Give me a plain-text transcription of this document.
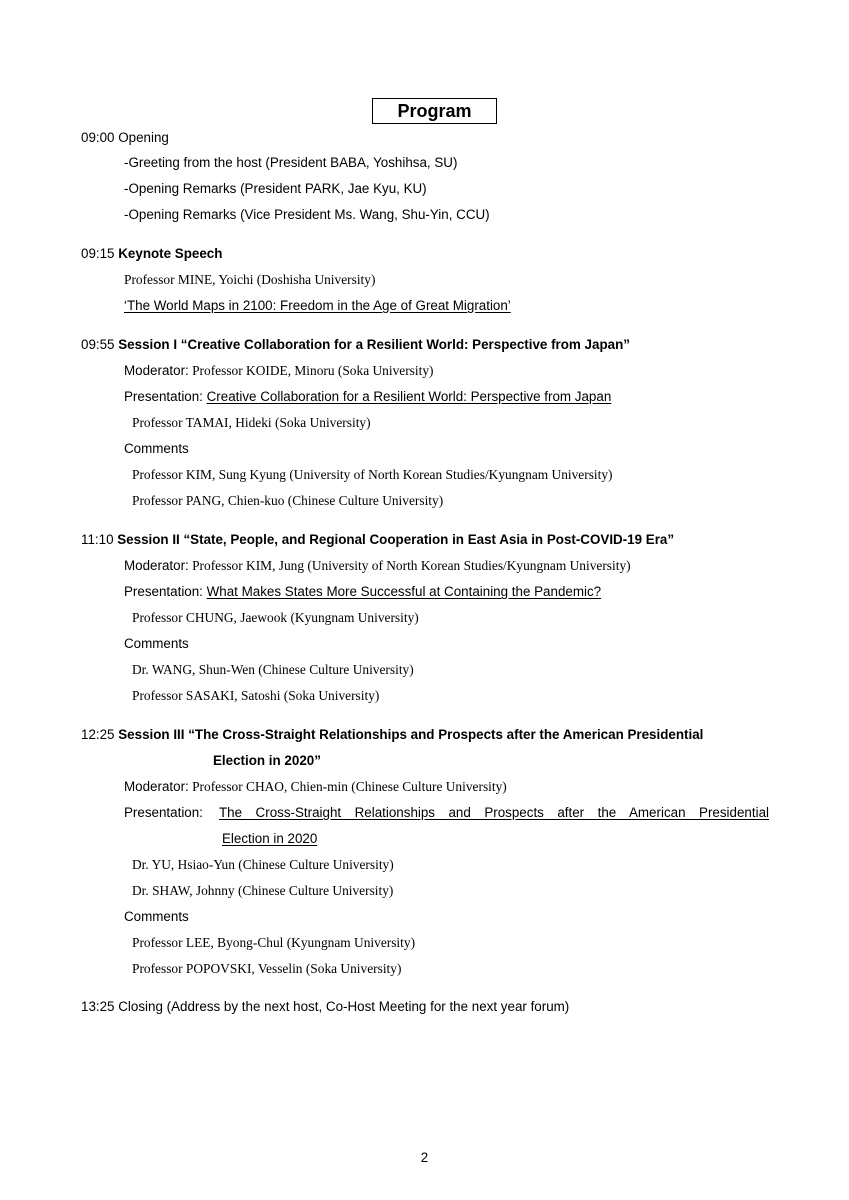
Program
09:00 Opening
-Greeting from the host (President BABA, Yoshihsa, SU)
-Opening Remarks (President PARK, Jae Kyu, KU)
-Opening Remarks (Vice President Ms. Wang, Shu-Yin, CCU)
09:15 Keynote Speech
Professor MINE, Yoichi (Doshisha University)
‘The World Maps in 2100: Freedom in the Age of Great Migration’
09:55 Session I “Creative Collaboration for a Resilient World: Perspective from Japan”
Moderator: Professor KOIDE, Minoru (Soka University)
Presentation: Creative Collaboration for a Resilient World: Perspective from Japan
Professor TAMAI, Hideki (Soka University)
Comments
Professor KIM, Sung Kyung (University of North Korean Studies/Kyungnam University)
Professor PANG, Chien-kuo (Chinese Culture University)
11:10 Session II “State, People, and Regional Cooperation in East Asia in Post-COVID-19 Era”
Moderator: Professor KIM, Jung (University of North Korean Studies/Kyungnam University)
Presentation: What Makes States More Successful at Containing the Pandemic?
Professor CHUNG, Jaewook (Kyungnam University)
Comments
Dr. WANG, Shun-Wen (Chinese Culture University)
Professor SASAKI, Satoshi (Soka University)
12:25 Session III “The Cross-Straight Relationships and Prospects after the American Presidential
Election in 2020”
Moderator: Professor CHAO, Chien-min (Chinese Culture University)
Presentation: The Cross-Straight Relationships and Prospects after the American Presidential
Election in 2020
Dr. YU, Hsiao-Yun (Chinese Culture University)
Dr. SHAW, Johnny (Chinese Culture University)
Comments
Professor LEE, Byong-Chul (Kyungnam University)
Professor POPOVSKI, Vesselin (Soka University)
13:25 Closing (Address by the next host, Co-Host Meeting for the next year forum)
2
